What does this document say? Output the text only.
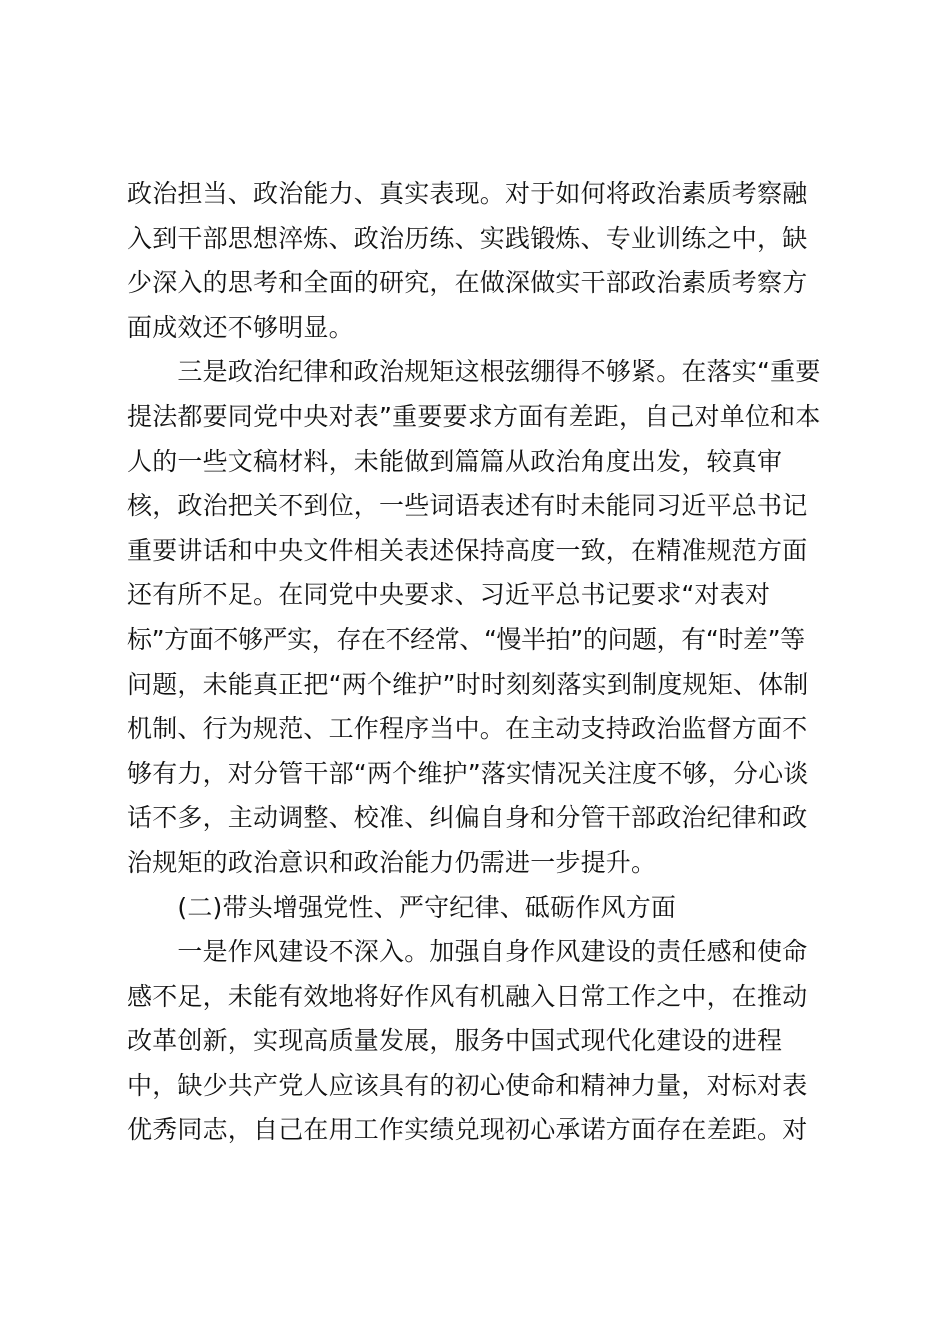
政治担当、政治能力、真实表现。对于如何将政治素质考察融

入到干部思想淬炼、政治历练、实践锻炼、专业训练之中，缺

少深入的思考和全面的研究，在做深做实干部政治素质考察方

面成效还不够明显。

　　三是政治纪律和政治规矩这根弦绷得不够紧。在落实“重要

提法都要同党中央对表”重要要求方面有差距，自己对单位和本

人的一些文稿材料，未能做到篇篇从政治角度出发，较真审

核，政治把关不到位，一些词语表述有时未能同习近平总书记

重要讲话和中央文件相关表述保持高度一致，在精准规范方面

还有所不足。在同党中央要求、习近平总书记要求“对表对

标”方面不够严实，存在不经常、“慢半拍”的问题，有“时差”等

问题，未能真正把“两个维护”时时刻刻落实到制度规矩、体制

机制、行为规范、工作程序当中。在主动支持政治监督方面不

够有力，对分管干部“两个维护”落实情况关注度不够，分心谈

话不多，主动调整、校准、纠偏自身和分管干部政治纪律和政

治规矩的政治意识和政治能力仍需进一步提升。

　　(二)带头增强党性、严守纪律、砥砺作风方面

　　一是作风建设不深入。加强自身作风建设的责任感和使命

感不足，未能有效地将好作风有机融入日常工作之中，在推动

改革创新，实现高质量发展，服务中国式现代化建设的进程

中，缺少共产党人应该具有的初心使命和精神力量，对标对表

优秀同志，自己在用工作实绩兑现初心承诺方面存在差距。对
